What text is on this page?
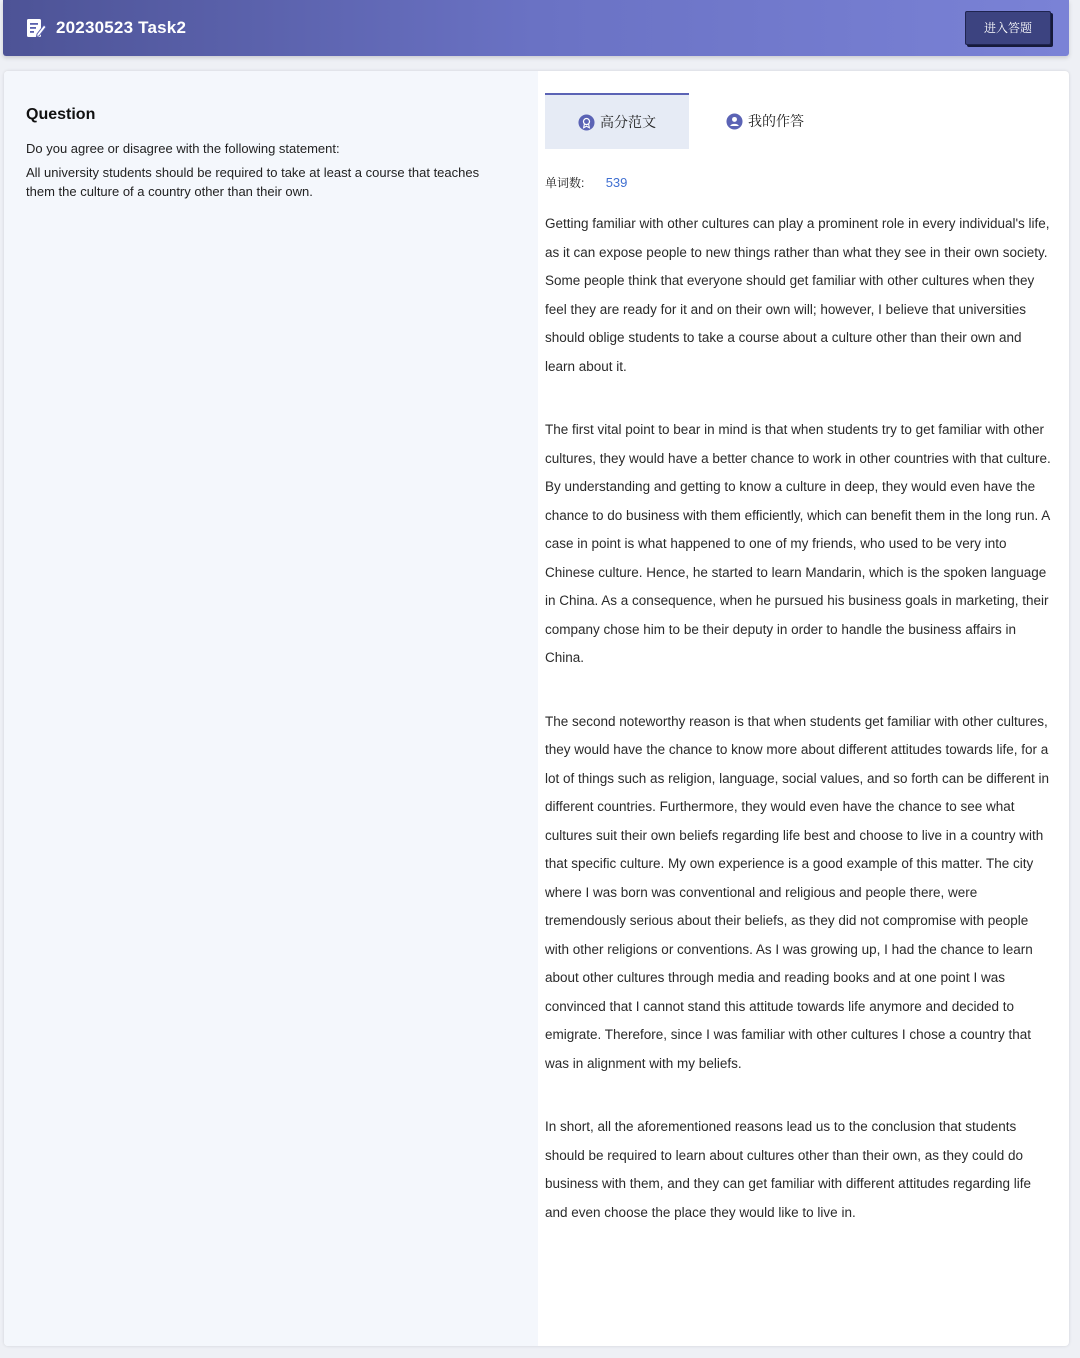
20230523 Task2	进入答题
Question
Do you agree or disagree with the following statement:
All university students should be required to take at least a course that teaches them the culture of a country other than their own.
高分范文	我的作答
单词数: 539

Getting familiar with other cultures can play a prominent role in every individual's life, as it can expose people to new things rather than what they see in their own society. Some people think that everyone should get familiar with other cultures when they feel they are ready for it and on their own will; however, I believe that universities should oblige students to take a course about a culture other than their own and learn about it.

The first vital point to bear in mind is that when students try to get familiar with other cultures, they would have a better chance to work in other countries with that culture. By understanding and getting to know a culture in deep, they would even have the chance to do business with them efficiently, which can benefit them in the long run. A case in point is what happened to one of my friends, who used to be very into Chinese culture. Hence, he started to learn Mandarin, which is the spoken language in China. As a consequence, when he pursued his business goals in marketing, their company chose him to be their deputy in order to handle the business affairs in China.

The second noteworthy reason is that when students get familiar with other cultures, they would have the chance to know more about different attitudes towards life, for a lot of things such as religion, language, social values, and so forth can be different in different countries. Furthermore, they would even have the chance to see what cultures suit their own beliefs regarding life best and choose to live in a country with that specific culture. My own experience is a good example of this matter. The city where I was born was conventional and religious and people there, were tremendously serious about their beliefs, as they did not compromise with people with other religions or conventions. As I was growing up, I had the chance to learn about other cultures through media and reading books and at one point I was convinced that I cannot stand this attitude towards life anymore and decided to emigrate. Therefore, since I was familiar with other cultures I chose a country that was in alignment with my beliefs.

In short, all the aforementioned reasons lead us to the conclusion that students should be required to learn about cultures other than their own, as they could do business with them, and they can get familiar with different attitudes regarding life and even choose the place they would like to live in.
